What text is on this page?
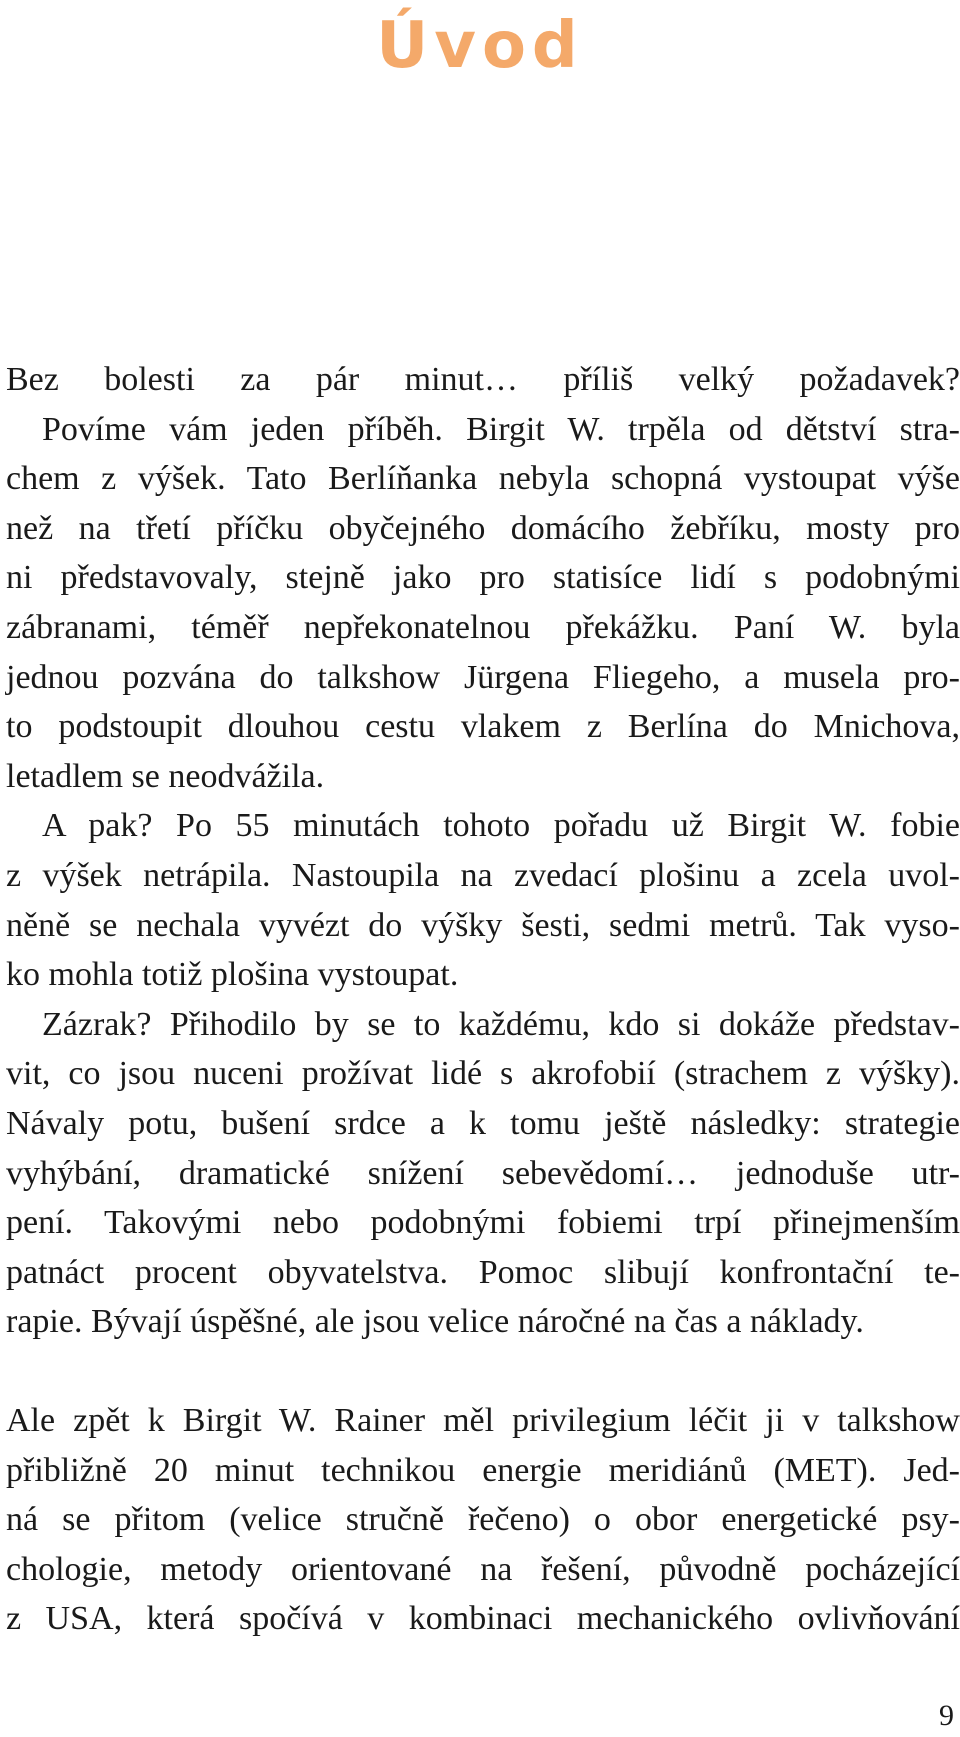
Úvod
Bez bolesti za pár minut… příliš velký požadavek?
Povíme vám jeden příběh. Birgit W. trpěla od dětství stra-
chem z výšek. Tato Berlíňanka nebyla schopná vystoupat výše
než na třetí příčku obyčejného domácího žebříku, mosty pro
ni představovaly, stejně jako pro statisíce lidí s podobnými
zábranami, téměř nepřekonatelnou překážku. Paní W. byla
jednou pozvána do talkshow Jürgena Fliegeho, a musela pro-
to podstoupit dlouhou cestu vlakem z Berlína do Mnichova,
letadlem se neodvážila.
A pak? Po 55 minutách tohoto pořadu už Birgit W. fobie
z výšek netrápila. Nastoupila na zvedací plošinu a zcela uvol-
něně se nechala vyvézt do výšky šesti, sedmi metrů. Tak vyso-
ko mohla totiž plošina vystoupat.
Zázrak? Přihodilo by se to každému, kdo si dokáže představ-
vit, co jsou nuceni prožívat lidé s akrofobií (strachem z výšky).
Návaly potu, bušení srdce a k tomu ještě následky: strategie
vyhýbání, dramatické snížení sebevědomí… jednoduše utr-
pení. Takovými nebo podobnými fobiemi trpí přinejmenším
patnáct procent obyvatelstva. Pomoc slibují konfrontační te-
rapie. Bývají úspěšné, ale jsou velice náročné na čas a náklady.
Ale zpět k Birgit W. Rainer měl privilegium léčit ji v talkshow
přibližně 20 minut technikou energie meridiánů (MET). Jed-
ná se přitom (velice stručně řečeno) o obor energetické psy-
chologie, metody orientované na řešení, původně pocházející
z USA, která spočívá v kombinaci mechanického ovlivňování
9
